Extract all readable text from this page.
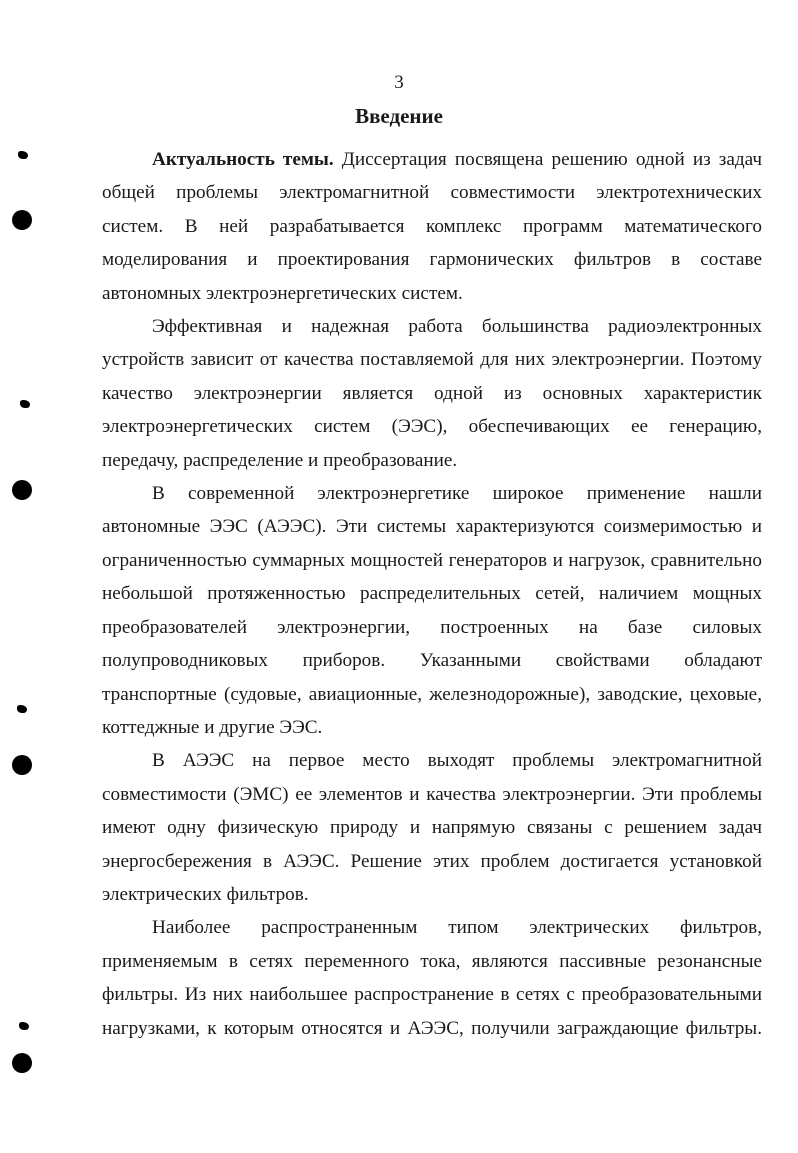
3
Введение
Актуальность темы. Диссертация посвящена решению одной из задач
общей проблемы электромагнитной совместимости электротехнических
систем. В ней разрабатывается комплекс программ математического
моделирования и проектирования гармонических фильтров в составе
автономных электроэнергетических систем.
Эффективная и надежная работа большинства радиоэлектронных
устройств зависит от качества поставляемой для них электроэнергии. Поэтому
качество электроэнергии является одной из основных характеристик
электроэнергетических систем (ЭЭС), обеспечивающих ее генерацию,
передачу, распределение и преобразование.
В современной электроэнергетике широкое применение нашли
автономные ЭЭС (АЭЭС). Эти системы характеризуются соизмеримостью и
ограниченностью суммарных мощностей генераторов и нагрузок, сравнительно
небольшой протяженностью распределительных сетей, наличием мощных
преобразователей электроэнергии, построенных на базе силовых
полупроводниковых приборов. Указанными свойствами обладают
транспортные (судовые, авиационные, железнодорожные), заводские, цеховые,
коттеджные и другие ЭЭС.
В АЭЭС на первое место выходят проблемы электромагнитной
совместимости (ЭМС) ее элементов и качества электроэнергии. Эти проблемы
имеют одну физическую природу и напрямую связаны с решением задач
энергосбережения в АЭЭС. Решение этих проблем достигается установкой
электрических фильтров.
Наиболее распространенным типом электрических фильтров,
применяемым в сетях переменного тока, являются пассивные резонансные
фильтры. Из них наибольшее распространение в сетях с преобразовательными
нагрузками, к которым относятся и АЭЭС, получили заграждающие фильтры.
